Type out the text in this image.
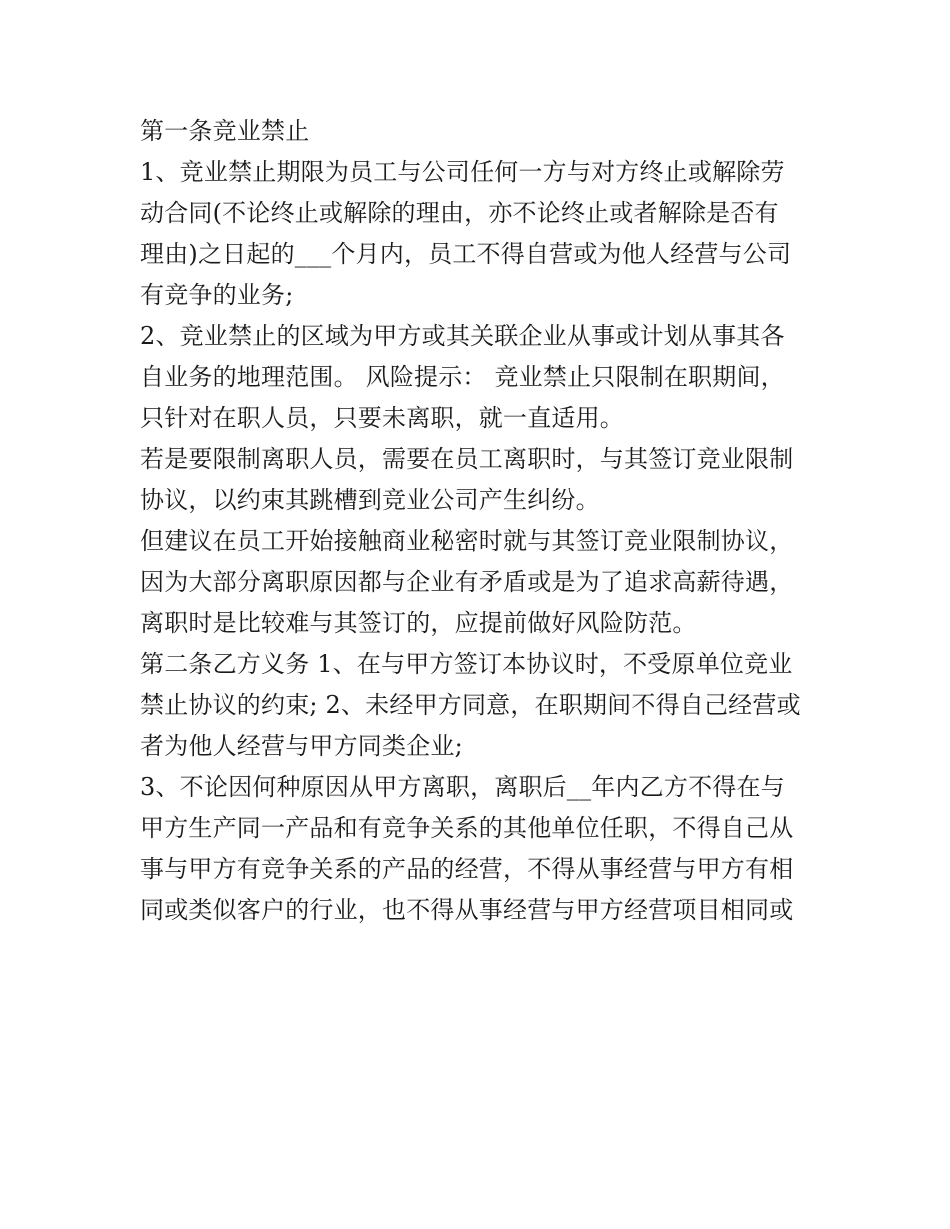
第一条竞业禁止
1、竞业禁止期限为员工与公司任何一方与对方终止或解除劳
动合同(不论终止或解除的理由，亦不论终止或者解除是否有
理由)之日起的___个月内，员工不得自营或为他人经营与公司
有竞争的业务;
2、竞业禁止的区域为甲方或其关联企业从事或计划从事其各
自业务的地理范围。 风险提示： 竞业禁止只限制在职期间，
只针对在职人员，只要未离职，就一直适用。
若是要限制离职人员，需要在员工离职时，与其签订竞业限制
协议，以约束其跳槽到竞业公司产生纠纷。
但建议在员工开始接触商业秘密时就与其签订竞业限制协议，
因为大部分离职原因都与企业有矛盾或是为了追求高薪待遇，
离职时是比较难与其签订的，应提前做好风险防范。
第二条乙方义务 1、在与甲方签订本协议时，不受原单位竞业
禁止协议的约束; 2、未经甲方同意，在职期间不得自己经营或
者为他人经营与甲方同类企业;
3、不论因何种原因从甲方离职，离职后__年内乙方不得在与
甲方生产同一产品和有竞争关系的其他单位任职，不得自己从
事与甲方有竞争关系的产品的经营，不得从事经营与甲方有相
同或类似客户的行业，也不得从事经营与甲方经营项目相同或
